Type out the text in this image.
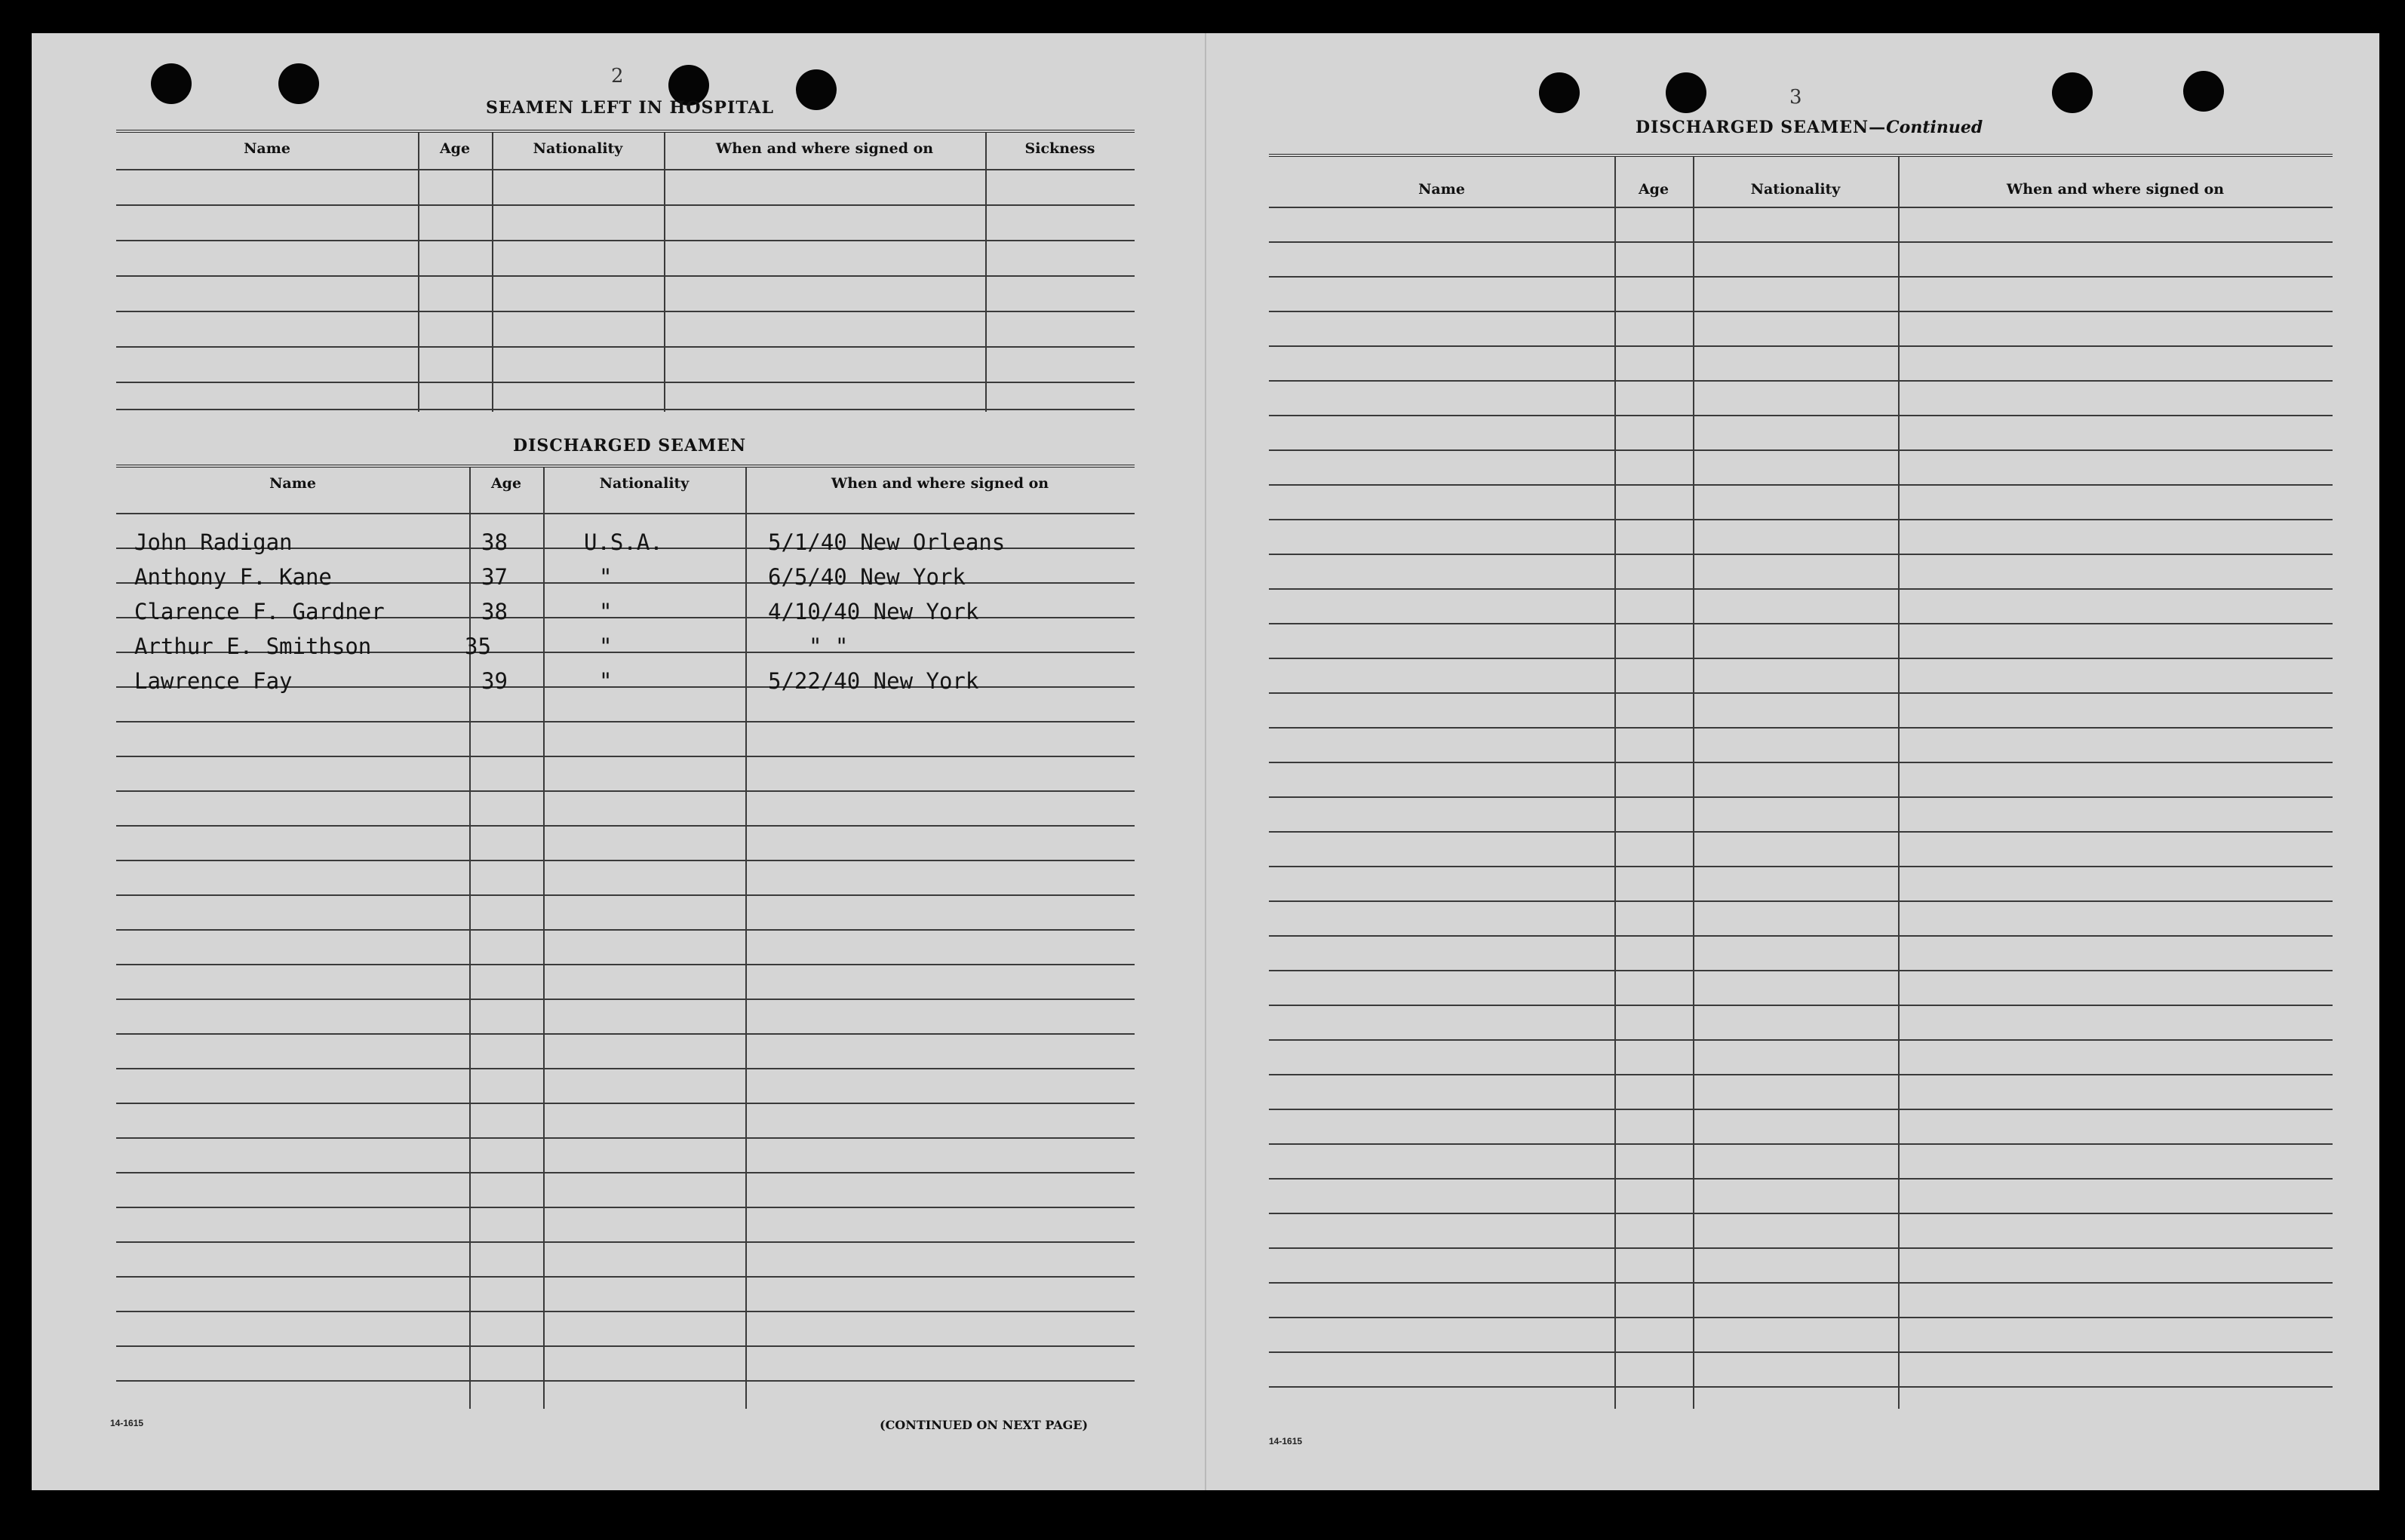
2
SEAMEN LEFT IN HOSPITAL
Name	Age	Nationality	When and where signed on	Sickness
DISCHARGED SEAMEN
Name	Age	Nationality	When and where signed on
John Radigan	38	U.S.A.	5/1/40 New Orleans
Anthony F. Kane	37	"	6/5/40 New York
Clarence F. Gardner	38	"	4/10/40 New York
Arthur E. Smithson	35	"	" "
Lawrence Fay	39	"	5/22/40 New York
14-1615	(CONTINUED ON NEXT PAGE)
3
DISCHARGED SEAMEN—Continued
Name	Age	Nationality	When and where signed on
14-1615
